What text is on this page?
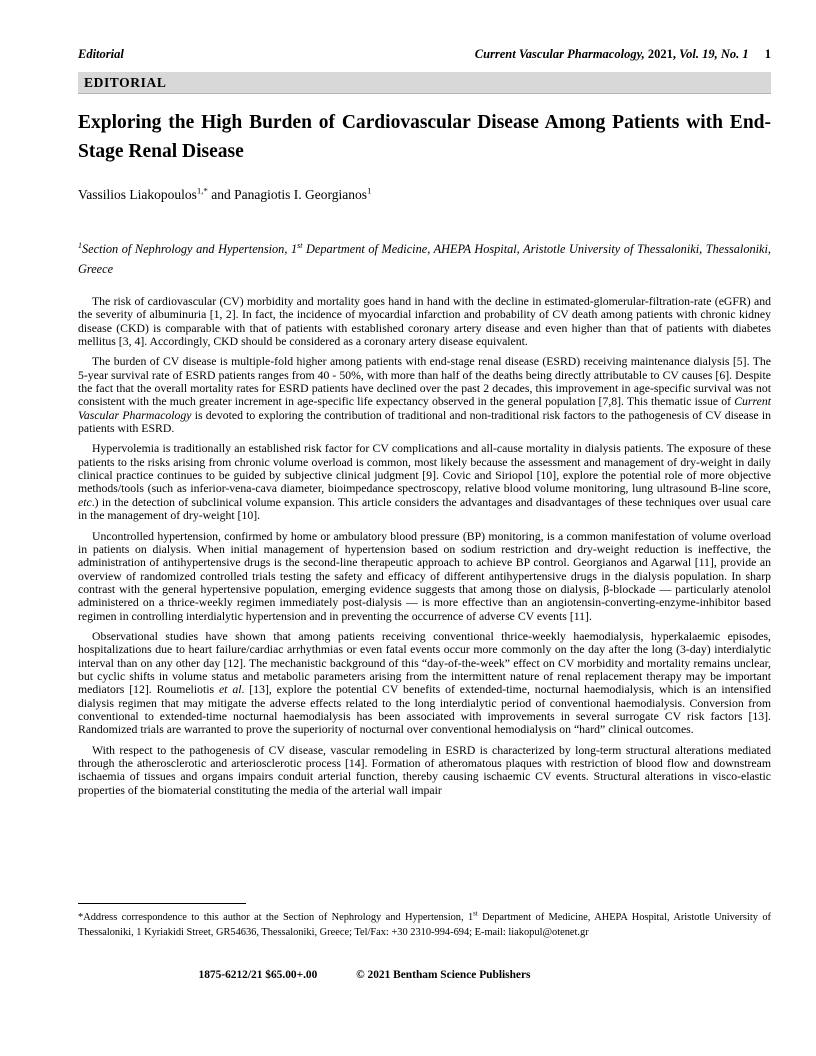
Editorial	Current Vascular Pharmacology, 2021, Vol. 19, No. 1 1
EDITORIAL
Exploring the High Burden of Cardiovascular Disease Among Patients with End-Stage Renal Disease
Vassilios Liakopoulos$^{1,*}$ and Panagiotis I. Georgianos$^1$
$^1$Section of Nephrology and Hypertension, 1st Department of Medicine, AHEPA Hospital, Aristotle University of Thessaloniki, Thessaloniki, Greece

The risk of cardiovascular (CV) morbidity and mortality goes hand in hand with the decline in estimated-glomerular-filtration-rate (eGFR) and the severity of albuminuria [1, 2]. In fact, the incidence of myocardial infarction and probability of CV death among patients with chronic kidney disease (CKD) is comparable with that of patients with established coronary artery disease and even higher than that of patients with diabetes mellitus [3, 4]. Accordingly, CKD should be considered as a coronary artery disease equivalent.

The burden of CV disease is multiple-fold higher among patients with end-stage renal disease (ESRD) receiving maintenance dialysis [5]. The 5-year survival rate of ESRD patients ranges from 40 - 50%, with more than half of the deaths being directly attributable to CV causes [6]. Despite the fact that the overall mortality rates for ESRD patients have declined over the past 2 decades, this improvement in age-specific survival was not consistent with the much greater increment in age-specific life expectancy observed in the general population [7,8]. This thematic issue of Current Vascular Pharmacology is devoted to exploring the contribution of traditional and non-traditional risk factors to the pathogenesis of CV disease in patients with ESRD.

Hypervolemia is traditionally an established risk factor for CV complications and all-cause mortality in dialysis patients. The exposure of these patients to the risks arising from chronic volume overload is common, most likely because the assessment and management of dry-weight in daily clinical practice continues to be guided by subjective clinical judgment [9]. Covic and Siriopol [10], explore the potential role of more objective methods/tools (such as inferior-vena-cava diameter, bioimpedance spectroscopy, relative blood volume monitoring, lung ultrasound B-line score, etc.) in the detection of subclinical volume expansion. This article considers the advantages and disadvantages of these techniques over usual care in the management of dry-weight [10].

Uncontrolled hypertension, confirmed by home or ambulatory blood pressure (BP) monitoring, is a common manifestation of volume overload in patients on dialysis. When initial management of hypertension based on sodium restriction and dry-weight reduction is ineffective, the administration of antihypertensive drugs is the second-line therapeutic approach to achieve BP control. Georgianos and Agarwal [11], provide an overview of randomized controlled trials testing the safety and efficacy of different antihypertensive drugs in the dialysis population. In sharp contrast with the general hypertensive population, emerging evidence suggests that among those on dialysis, β-blockade — particularly atenolol administered on a thrice-weekly regimen immediately post-dialysis — is more effective than an angiotensin-converting-enzyme-inhibitor based regimen in controlling interdialytic hypertension and in preventing the occurrence of adverse CV events [11].

Observational studies have shown that among patients receiving conventional thrice-weekly haemodialysis, hyperkalaemic episodes, hospitalizations due to heart failure/cardiac arrhythmias or even fatal events occur more commonly on the day after the long (3-day) interdialytic interval than on any other day [12]. The mechanistic background of this “day-of-the-week” effect on CV morbidity and mortality remains unclear, but cyclic shifts in volume status and metabolic parameters arising from the intermittent nature of renal replacement therapy may be important mediators [12]. Roumeliotis et al. [13], explore the potential CV benefits of extended-time, nocturnal haemodialysis, which is an intensified dialysis regimen that may mitigate the adverse effects related to the long interdialytic period of conventional haemodialysis. Conversion from conventional to extended-time nocturnal haemodialysis has been associated with improvements in several surrogate CV risk factors [13]. Randomized trials are warranted to prove the superiority of nocturnal over conventional hemodialysis on “hard” clinical outcomes.

With respect to the pathogenesis of CV disease, vascular remodeling in ESRD is characterized by long-term structural alterations mediated through the atherosclerotic and arteriosclerotic process [14]. Formation of atheromatous plaques with restriction of blood flow and downstream ischaemia of tissues and organs impairs conduit arterial function, thereby causing ischaemic CV events. Structural alterations in visco-elastic properties of the biomaterial constituting the media of the arterial wall impair

*Address correspondence to this author at the Section of Nephrology and Hypertension, 1st Department of Medicine, AHEPA Hospital, Aristotle University of Thessaloniki, 1 Kyriakidi Street, GR54636, Thessaloniki, Greece; Tel/Fax: +30 2310-994-694; E-mail: liakopul@otenet.gr
1875-6212/21 $65.00+.00	© 2021 Bentham Science Publishers
